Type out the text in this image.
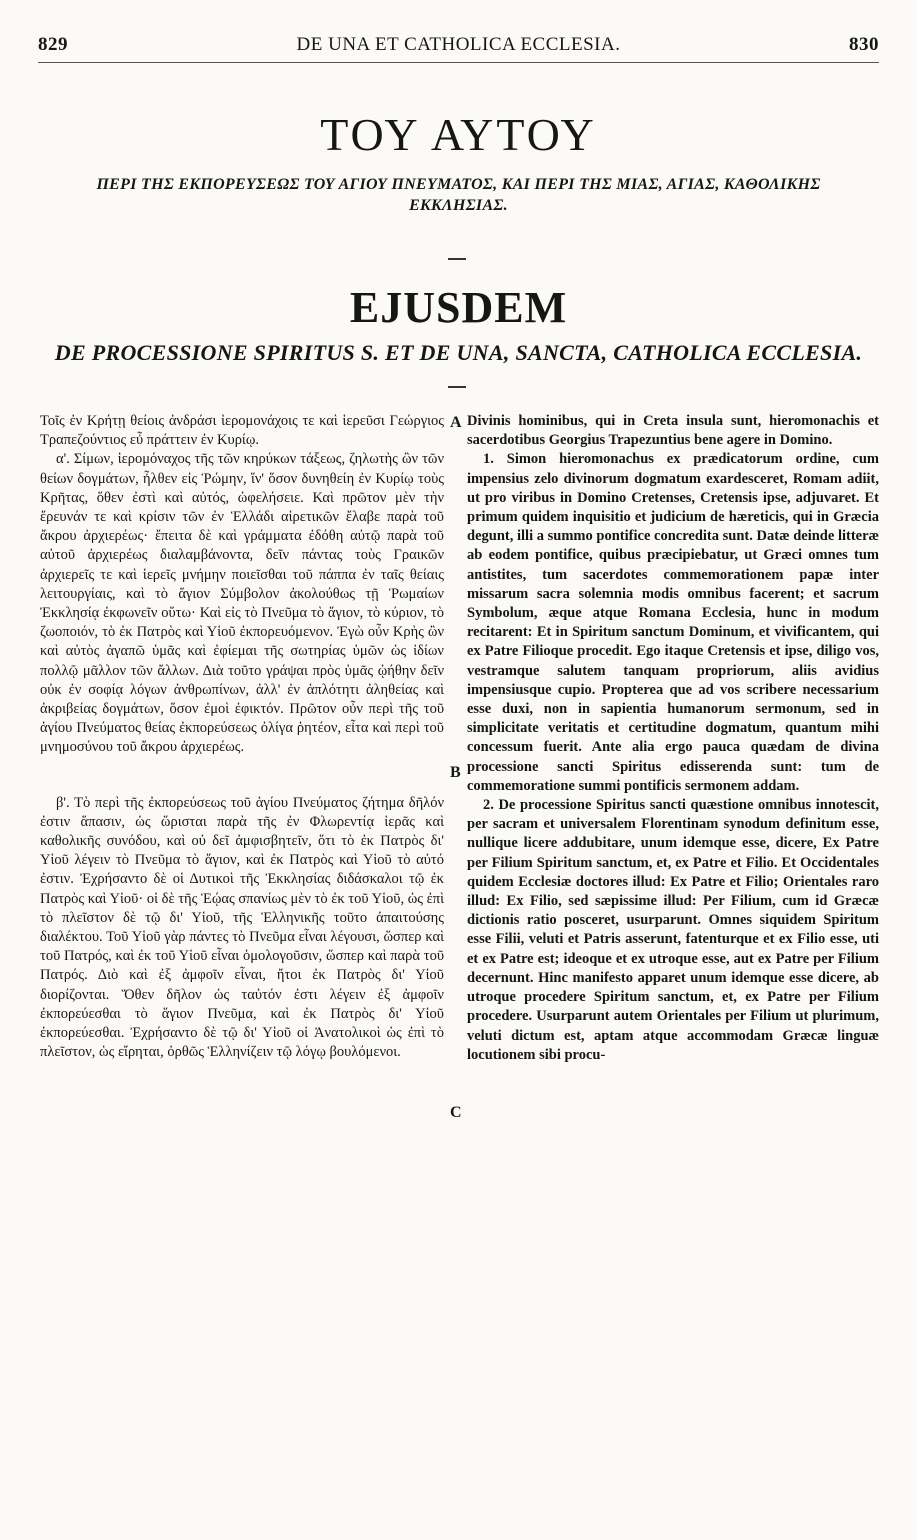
829	DE UNA ET CATHOLICA ECCLESIA.	830
ΤΟΥ ΑΥΤΟΥ
ΠΕΡΙ ΤΗΣ ΕΚΠΟΡΕΥΣΕΩΣ ΤΟΥ ΑΓΙΟΥ ΠΝΕΥΜΑΤΟΣ, ΚΑΙ ΠΕΡΙ ΤΗΣ ΜΙΑΣ, ΑΓΙΑΣ, ΚΑΘΟΛΙΚΗΣ ΕΚΚΛΗΣΙΑΣ.
EJUSDEM
DE PROCESSIONE SPIRITUS S. ET DE UNA, SANCTA, CATHOLICA ECCLESIA.

Τοῖς ἐν Κρήτῃ θείοις ἀνδράσι ἱερομονάχοις τε καὶ ἱερεῦσι Γεώργιος Τραπεζούντιος εὖ πράττειν ἐν Κυρίῳ.

α'. Σίμων, ἱερομόναχος τῆς τῶν κηρύκων τάξεως, ζηλωτὴς ὢν τῶν θείων δογμάτων, ἦλθεν εἰς Ῥώμην, ἵν' ὅσον δυνηθείη ἐν Κυρίῳ τοὺς Κρῆτας, ὅθεν ἐστὶ καὶ αὐτός, ὠφελήσειε. Καὶ πρῶτον μὲν τὴν ἔρευνάν τε καὶ κρίσιν τῶν ἐν Ἑλλάδι αἱρετικῶν ἔλαβε παρὰ τοῦ ἄκρου ἀρχιερέως· ἔπειτα δὲ καὶ γράμματα ἐδόθη αὐτῷ παρὰ τοῦ αὐτοῦ ἀρχιερέως διαλαμβάνοντα, δεῖν πάντας τοὺς Γραικῶν ἀρχιερεῖς τε καὶ ἱερεῖς μνήμην ποιεῖσθαι τοῦ πάππα ἐν ταῖς θείαις λειτουργίαις, καὶ τὸ ἅγιον Σύμβολον ἀκολούθως τῇ Ῥωμαίων Ἐκκλησίᾳ ἐκφωνεῖν οὕτω· Καὶ εἰς τὸ Πνεῦμα τὸ ἅγιον, τὸ κύριον, τὸ ζωοποιόν, τὸ ἐκ Πατρὸς καὶ Υἱοῦ ἐκπορευόμενον. Ἐγὼ οὖν Κρὴς ὢν καὶ αὐτὸς ἀγαπῶ ὑμᾶς καὶ ἐφίεμαι τῆς σωτηρίας ὑμῶν ὡς ἰδίων πολλῷ μᾶλλον τῶν ἄλλων. Διὰ τοῦτο γράψαι πρὸς ὑμᾶς ᾠήθην δεῖν οὐκ ἐν σοφίᾳ λόγων ἀνθρωπίνων, ἀλλ' ἐν ἁπλότητι ἀληθείας καὶ ἀκριβείας δογμάτων, ὅσον ἐμοὶ ἐφικτόν. Πρῶτον οὖν περὶ τῆς τοῦ ἁγίου Πνεύματος θείας ἐκπορεύσεως ὀλίγα ῥητέον, εἶτα καὶ περὶ τοῦ μνημοσύνου τοῦ ἄκρου ἀρχιερέως.

β'. Τὸ περὶ τῆς ἐκπορεύσεως τοῦ ἁγίου Πνεύματος ζήτημα δῆλόν ἐστιν ἅπασιν, ὡς ὥρισται παρὰ τῆς ἐν Φλωρεντίᾳ ἱερᾶς καὶ καθολικῆς συνόδου, καὶ οὐ δεῖ ἀμφισβητεῖν, ὅτι τὸ ἐκ Πατρὸς δι' Υἱοῦ λέγειν τὸ Πνεῦμα τὸ ἅγιον, καὶ ἐκ Πατρὸς καὶ Υἱοῦ τὸ αὐτό ἐστιν. Ἐχρήσαντο δὲ οἱ Δυτικοὶ τῆς Ἐκκλησίας διδάσκαλοι τῷ ἐκ Πατρὸς καὶ Υἱοῦ· οἱ δὲ τῆς Ἑῴας σπανίως μὲν τὸ ἐκ τοῦ Υἱοῦ, ὡς ἐπὶ τὸ πλεῖστον δὲ τῷ δι' Υἱοῦ, τῆς Ἑλληνικῆς τοῦτο ἀπαιτούσης διαλέκτου. Τοῦ Υἱοῦ γὰρ πάντες τὸ Πνεῦμα εἶναι λέγουσι, ὥσπερ καὶ τοῦ Πατρός, καὶ ἐκ τοῦ Υἱοῦ εἶναι ὁμολογοῦσιν, ὥσπερ καὶ παρὰ τοῦ Πατρός. Διὸ καὶ ἐξ ἀμφοῖν εἶναι, ἤτοι ἐκ Πατρὸς δι' Υἱοῦ διορίζονται. Ὅθεν δῆλον ὡς ταὐτόν ἐστι λέγειν ἐξ ἀμφοῖν ἐκπορεύεσθαι τὸ ἅγιον Πνεῦμα, καὶ ἐκ Πατρὸς δι' Υἱοῦ ἐκπορεύεσθαι. Ἐχρήσαντο δὲ τῷ δι' Υἱοῦ οἱ Ἀνατολικοὶ ὡς ἐπὶ τὸ πλεῖστον, ὡς εἴρηται, ὀρθῶς Ἑλληνίζειν τῷ λόγῳ βουλόμενοι.

Divinis hominibus, qui in Creta insula sunt, hieromonachis et sacerdotibus Georgius Trapezuntius bene agere in Domino.

1. Simon hieromonachus ex prædicatorum ordine, cum impensius zelo divinorum dogmatum exardesceret, Romam adiit, ut pro viribus in Domino Cretenses, Cretensis ipse, adjuvaret. Et primum quidem inquisitio et judicium de hæreticis, qui in Græcia degunt, illi a summo pontifice concredita sunt. Datæ deinde litteræ ab eodem pontifice, quibus præcipiebatur, ut Græci omnes tum antistites, tum sacerdotes commemorationem papæ inter missarum sacra solemnia modis omnibus facerent; et sacrum Symbolum, æque atque Romana Ecclesia, hunc in modum recitarent: Et in Spiritum sanctum Dominum, et vivificantem, qui ex Patre Filioque procedit. Ego itaque Cretensis et ipse, diligo vos, vestramque salutem tanquam propriorum, aliis avidius impensiusque cupio. Propterea que ad vos scribere necessarium esse duxi, non in sapientia humanorum sermonum, sed in simplicitate veritatis et certitudine dogmatum, quantum mihi concessum fuerit. Ante alia ergo pauca quædam de divina processione sancti Spiritus edisserenda sunt: tum de commemoratione summi pontificis sermonem addam.

2. De processione Spiritus sancti quæstione omnibus innotescit, per sacram et universalem Florentinam synodum definitum esse, nullique licere addubitare, unum idemque esse, dicere, Ex Patre per Filium Spiritum sanctum, et, ex Patre et Filio. Et Occidentales quidem Ecclesiæ doctores illud: Ex Patre et Filio; Orientales raro illud: Ex Filio, sed sæpissime illud: Per Filium, cum id Græcæ dictionis ratio posceret, usurparunt. Omnes siquidem Spiritum esse Filii, veluti et Patris asserunt, fatenturque et ex Filio esse, uti et ex Patre est; ideoque et ex utroque esse, aut ex Patre per Filium decernunt. Hinc manifesto apparet unum idemque esse dicere, ab utroque procedere Spiritum sanctum, et, ex Patre per Filium procedere. Usurparunt autem Orientales per Filium ut plurimum, veluti dictum est, aptam atque accommodam Græcæ linguæ locutionem sibi procu-

A
B
C
